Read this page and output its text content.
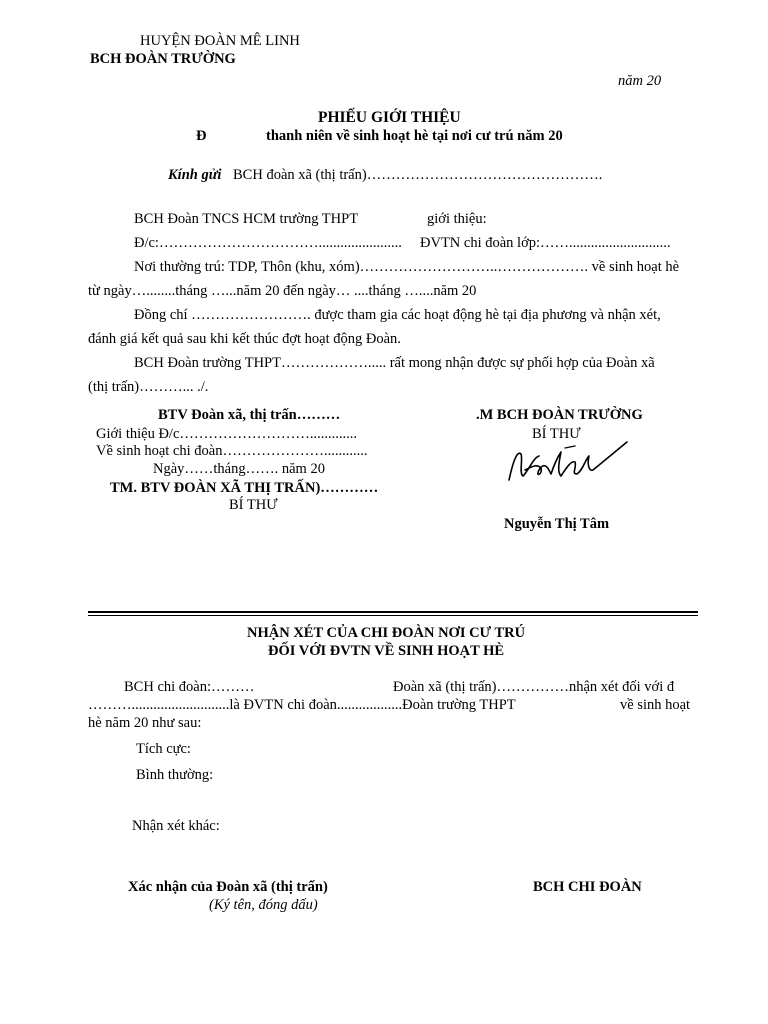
HUYỆN ĐOÀN MÊ LINH
BCH ĐOÀN TRƯỜNG
năm 20
PHIẾU GIỚI THIỆU
Đ	thanh niên về sinh hoạt hè tại nơi cư trú năm 20
Kính gửi BCH đoàn xã (thị trấn)………………………………………….
BCH Đoàn TNCS HCM trường THPT	giới thiệu:
Đ/c:……………………………....................... ĐVTN chi đoàn lớp:……............................
Nơi thường trú: TDP, Thôn (khu, xóm)………………………..………………. về sinh hoạt hè
từ ngày…........tháng …...năm 20 đến ngày… ....tháng …....năm 20
Đồng chí ……………………. được tham gia các hoạt động hè tại địa phương và nhận xét,
đánh giá kết quả sau khi kết thúc đợt hoạt động Đoàn.
BCH Đoàn trường THPT………………..... rất mong nhận được sự phối hợp của Đoàn xã
(thị trấn)………... ./.
BTV Đoàn xã, thị trấn………
Giới thiệu Đ/c……………………….............
Về sinh hoạt chi đoàn…………………............
Ngày……tháng……. năm 20
TM. BTV ĐOÀN XÃ THỊ TRẤN)…………
BÍ THƯ
.M BCH ĐOÀN TRƯỜNG
BÍ THƯ
Nguyễn Thị Tâm
NHẬN XÉT CỦA CHI ĐOÀN NƠI CƯ TRÚ
ĐỐI VỚI ĐVTN VỀ SINH HOẠT HÈ
BCH chi đoàn:………	Đoàn xã (thị trấn)……………nhận xét đối với đ
………...........................là ĐVTN chi đoàn..................Đoàn trường THPT	về sinh hoạt
hè năm 20 như sau:
Tích cực:
Bình thường:
Nhận xét khác:
Xác nhận của Đoàn xã (thị trấn)
(Ký tên, đóng dấu)
BCH CHI ĐOÀN
